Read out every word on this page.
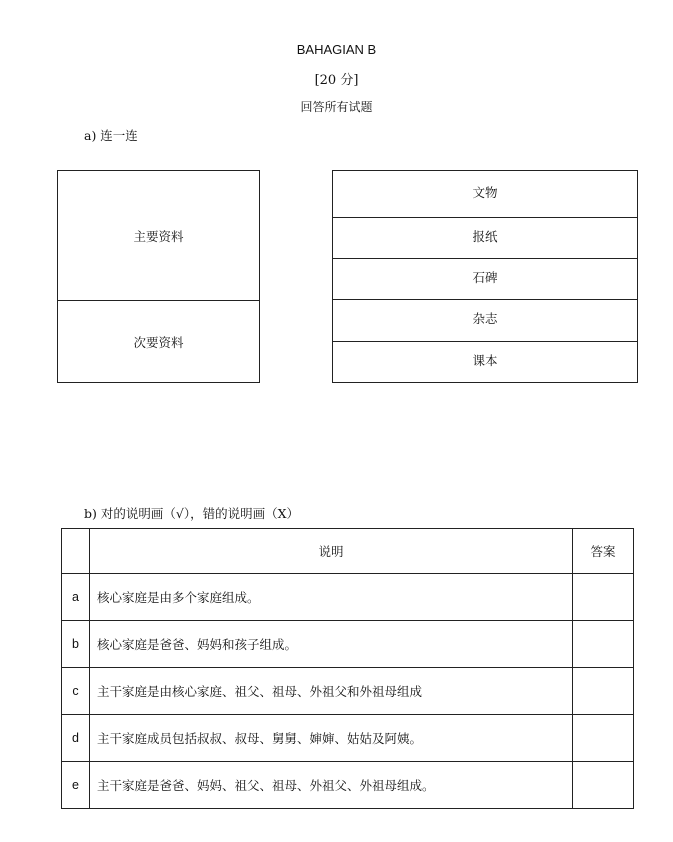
BAHAGIAN B
[20 分]
回答所有试题
a) 连一连
主要资料
次要资料
文物
报纸
石碑
杂志
课本
b) 对的说明画（√），错的说明画（X）
	说明	答案
a	核心家庭是由多个家庭组成。	
b	核心家庭是爸爸、妈妈和孩子组成。	
c	主干家庭是由核心家庭、祖父、祖母、外祖父和外祖母组成	
d	主干家庭成员包括叔叔、叔母、舅舅、婶婶、姑姑及阿姨。	
e	主干家庭是爸爸、妈妈、祖父、祖母、外祖父、外祖母组成。	
